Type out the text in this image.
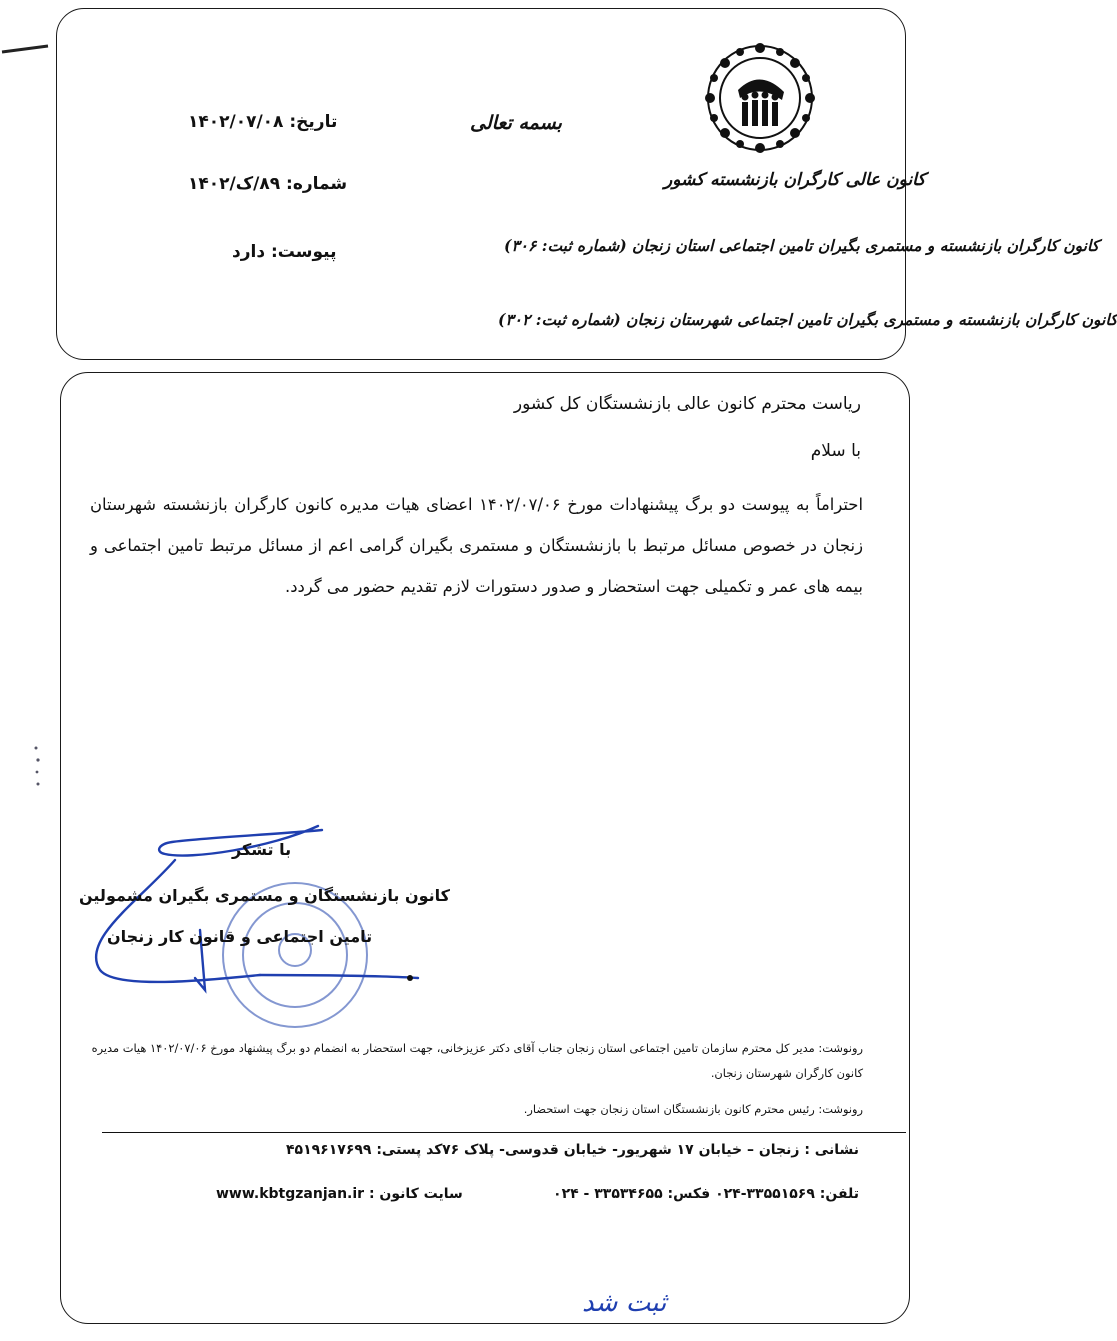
بسمه تعالی
تاریخ: ۱۴۰۲/۰۷/۰۸
شماره: ۸۹/ک/۱۴۰۲
پیوست: دارد
کانون عالی کارگران بازنشسته کشور
کانون کارگران بازنشسته و مستمری بگیران تامین اجتماعی استان زنجان (شماره ثبت: ۳۰۶)
کانون کارگران بازنشسته و مستمری بگیران تامین اجتماعی شهرستان زنجان (شماره ثبت: ۳۰۲)
ریاست محترم کانون عالی بازنشستگان کل کشور
با سلام
احتراماً به پیوست دو برگ پیشنهادات مورخ ۱۴۰۲/۰۷/۰۶ اعضای هیات مدیره کانون کارگران بازنشسته شهرستان زنجان در خصوص مسائل مرتبط با بازنشستگان و مستمری بگیران گرامی اعم از مسائل مرتبط تامین اجتماعی و بیمه های عمر و تکمیلی جهت استحضار و صدور دستورات لازم تقدیم حضور می گردد.
با تشکر
کانون بازنشستگان و مستمری بگیران مشمولین
تامین اجتماعی و قانون کار زنجان
رونوشت: مدیر کل محترم سازمان تامین اجتماعی استان زنجان جناب آقای دکتر عزیزخانی، جهت استحضار به انضمام دو برگ پیشنهاد مورخ ۱۴۰۲/۰۷/۰۶ هیات مدیره
کانون کارگران شهرستان زنجان.
رونوشت: رئیس محترم کانون بازنشستگان استان زنجان جهت استحضار.
نشانی : زنجان – خیابان ۱۷ شهریور- خیابان قدوسی- پلاک ۷۶
کد پستی: ۴۵۱۹۶۱۷۶۹۹
تلفن: ۳۳۵۵۱۵۶۹-۰۲۴ فکس: ۳۳۵۳۴۶۵۵ - ۰۲۴
سایت کانون : www.kbtgzanjan.ir
ثبت شد
